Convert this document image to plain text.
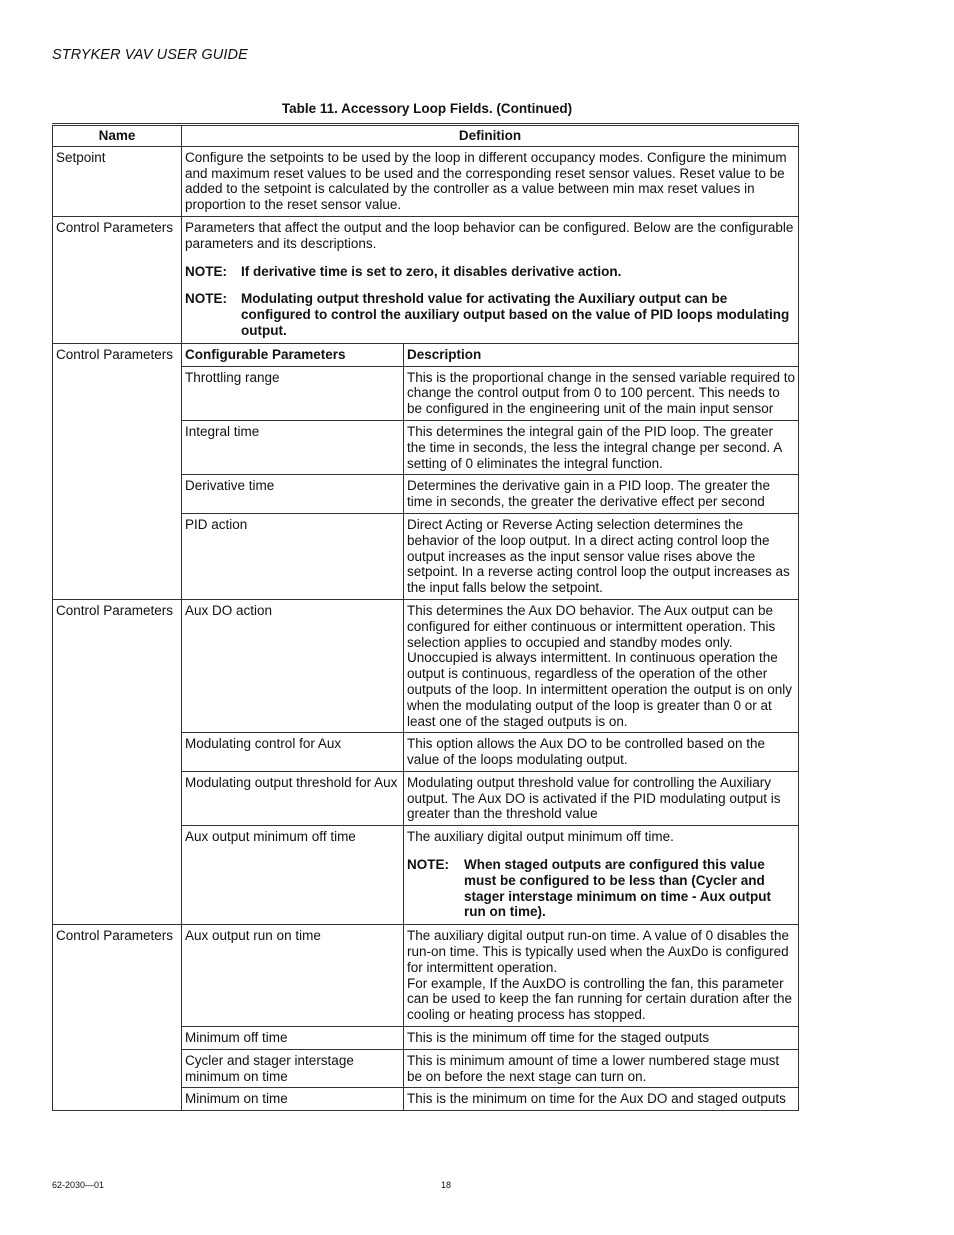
STRYKER VAV USER GUIDE
Table 11. Accessory Loop Fields. (Continued)
Name	Definition	
Setpoint	Configure the setpoints to be used by the loop in different occupancy modes. Configure the minimum and maximum reset values to be used and the corresponding reset sensor values. Reset value to be added to the setpoint is calculated by the controller as a value between min max reset values in proportion to the reset sensor value.	
Control Parameters	Parameters that affect the output and the loop behavior can be configured. Below are the configurable parameters and its descriptions.
NOTE: If derivative time is set to zero, it disables derivative action.
NOTE: Modulating output threshold value for activating the Auxiliary output can be configured to control the auxiliary output based on the value of PID loops modulating output.	

Control Parameters	Configurable Parameters	Description
	Throttling range	This is the proportional change in the sensed variable required to change the control output from 0 to 100 percent. This needs to be configured in the engineering unit of the main input sensor
	Integral time	This determines the integral gain of the PID loop. The greater the time in seconds, the less the integral change per second. A setting of 0 eliminates the integral function.
	Derivative time	Determines the derivative gain in a PID loop. The greater the time in seconds, the greater the derivative effect per second
	PID action	Direct Acting or Reverse Acting selection determines the behavior of the loop output. In a direct acting control loop the output increases as the input sensor value rises above the setpoint. In a reverse acting control loop the output increases as the input falls below the setpoint.
Control Parameters	Aux DO action	This determines the Aux DO behavior. The Aux output can be configured for either continuous or intermittent operation. This selection applies to occupied and standby modes only. Unoccupied is always intermittent. In continuous operation the output is continuous, regardless of the operation of the other outputs of the loop. In intermittent operation the output is on only when the modulating output of the loop is greater than 0 or at least one of the staged outputs is on.
	Modulating control for Aux	This option allows the Aux DO to be controlled based on the value of the loops modulating output.
	Modulating output threshold for Aux	Modulating output threshold value for controlling the Auxiliary output. The Aux DO is activated if the PID modulating output is greater than the threshold value
	Aux output minimum off time	The auxiliary digital output minimum off time.
NOTE: When staged outputs are configured this value must be configured to be less than (Cycler and stager interstage minimum on time - Aux output run on time).

Control Parameters	Aux output run on time	The auxiliary digital output run-on time. A value of 0 disables the run-on time. This is typically used when the AuxDo is configured for intermittent operation.
For example, If the AuxDO is controlling the fan, this parameter can be used to keep the fan running for certain duration after the cooling or heating process has stopped.

	Minimum off time	This is the minimum off time for the staged outputs
	Cycler and stager interstage minimum on time	This is minimum amount of time a lower numbered stage must be on before the next stage can turn on.
	Minimum on time	This is the minimum on time for the Aux DO and staged outputs
62-2030—01	18
